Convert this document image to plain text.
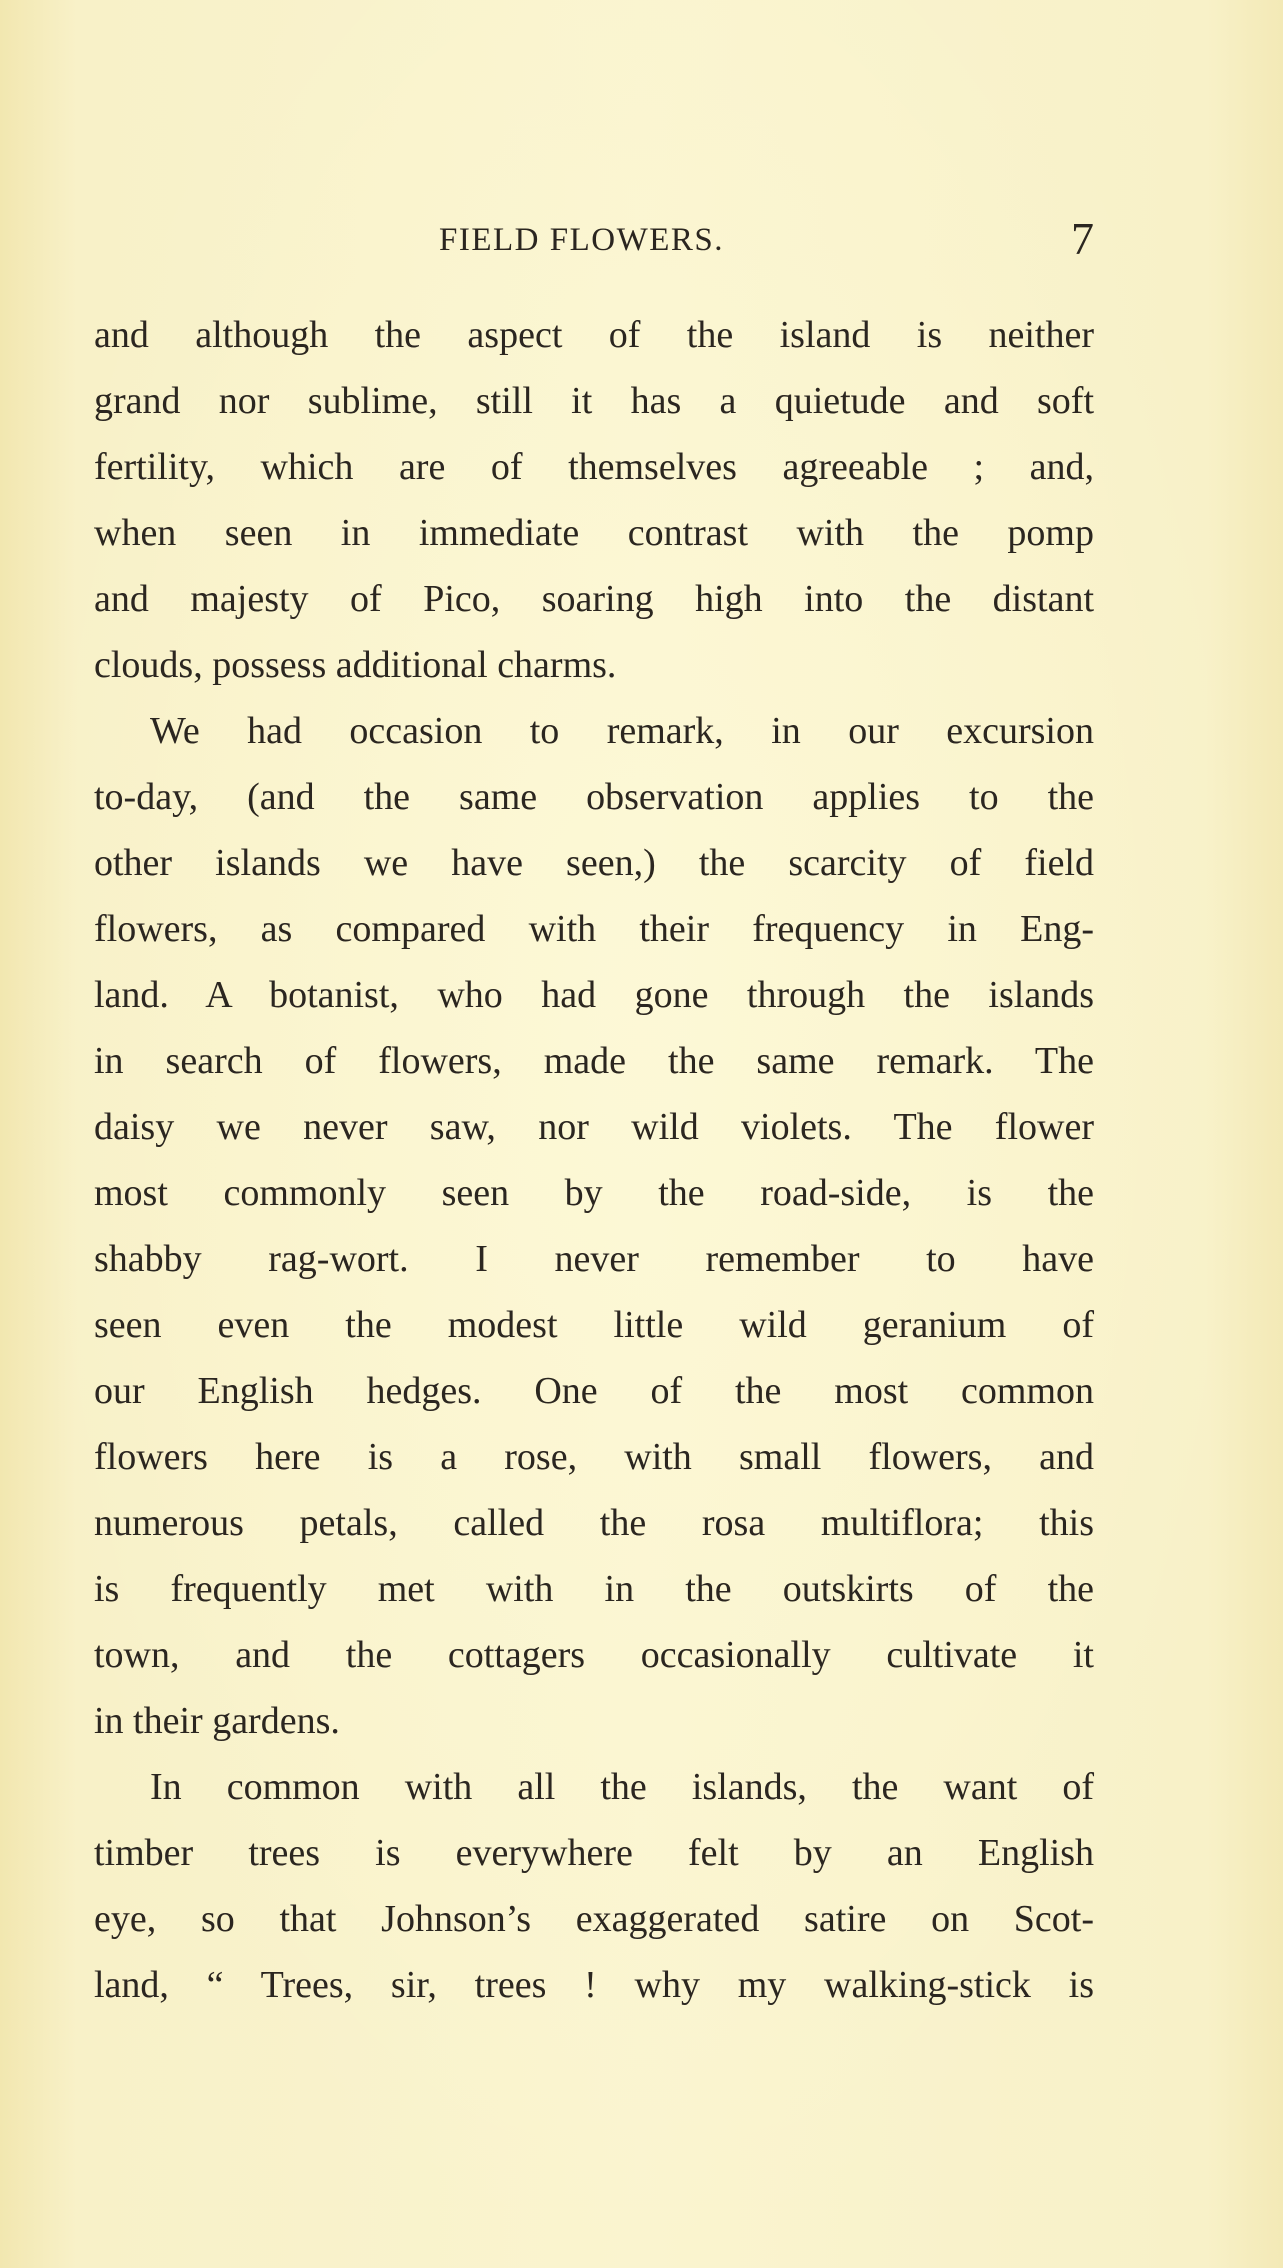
FIELD FLOWERS.	7
and although the aspect of the island is neither
grand nor sublime, still it has a quietude and soft
fertility, which are of themselves agreeable ; and,
when seen in immediate contrast with the pomp
and majesty of Pico, soaring high into the distant
clouds, possess additional charms.
We had occasion to remark, in our excursion
to-day, (and the same observation applies to the
other islands we have seen,) the scarcity of field
flowers, as compared with their frequency in Eng-
land. A botanist, who had gone through the islands
in search of flowers, made the same remark. The
daisy we never saw, nor wild violets. The flower
most commonly seen by the road-side, is the
shabby rag-wort. I never remember to have
seen even the modest little wild geranium of
our English hedges. One of the most common
flowers here is a rose, with small flowers, and
numerous petals, called the rosa multiflora; this
is frequently met with in the outskirts of the
town, and the cottagers occasionally cultivate it
in their gardens.
In common with all the islands, the want of
timber trees is everywhere felt by an English
eye, so that Johnson’s exaggerated satire on Scot-
land, “ Trees, sir, trees ! why my walking-stick is
